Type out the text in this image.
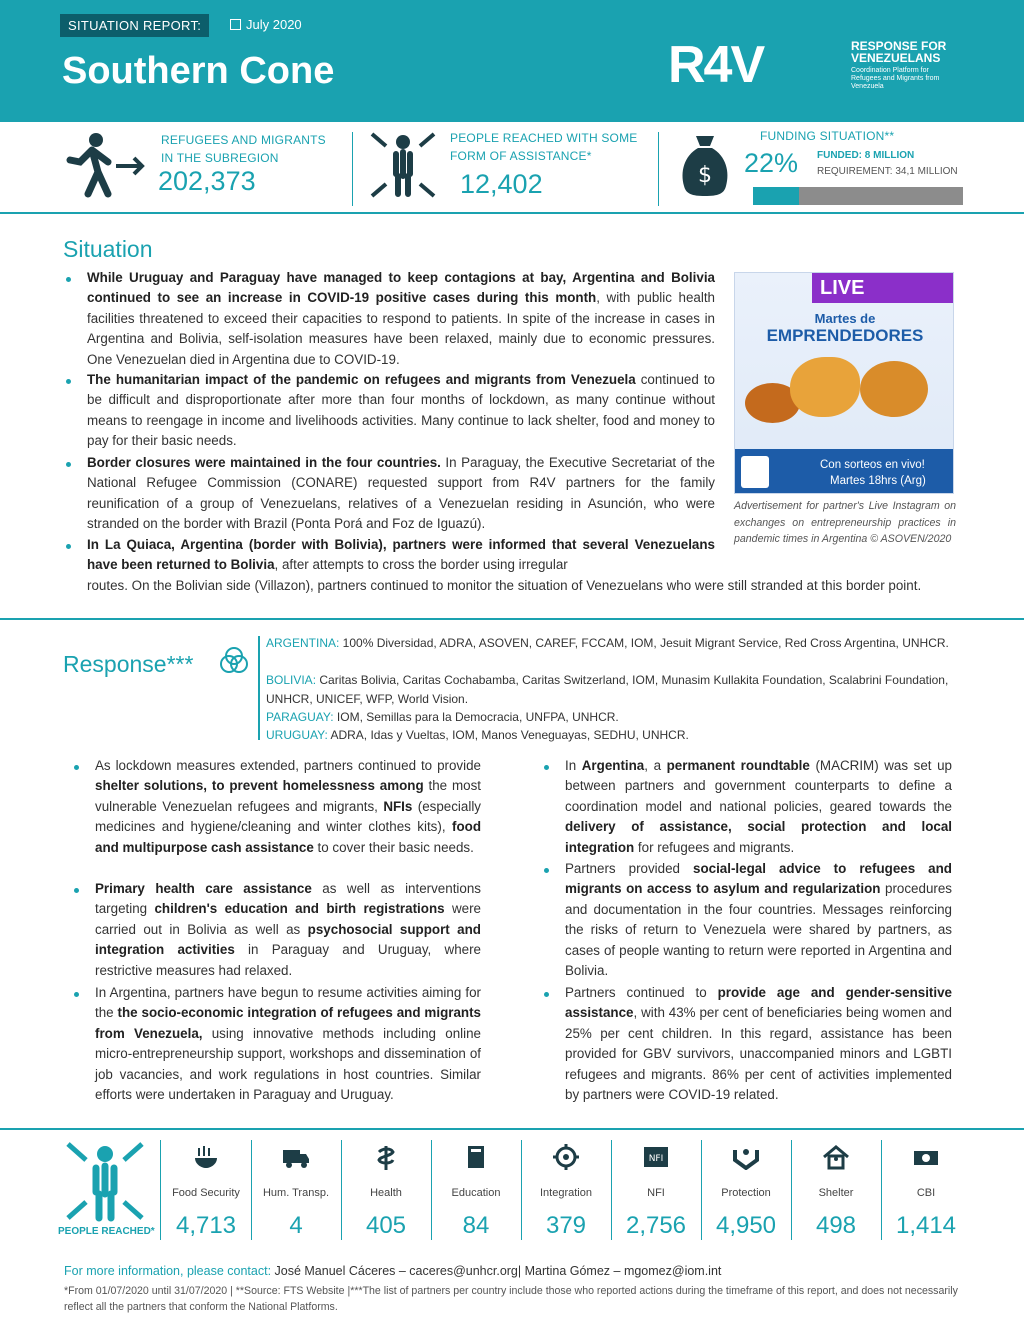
SITUATION REPORT:	July 2020
Southern Cone	R4V	RESPONSE FOR
VENEZUELANS
Coordination Platform for Refugees and Migrants from Venezuela
REFUGEES AND MIGRANTS
IN THE SUBREGION
202,373
PEOPLE REACHED WITH SOME
FORM OF ASSISTANCE*
12,402	$
FUNDING SITUATION**
22% FUNDED: 8 MILLION
REQUIREMENT: 34,1 MILLION
Situation
While Uruguay and Paraguay have managed to keep contagions at bay, Argentina and Bolivia continued to see an increase in COVID-19 positive cases during this month, with public health facilities threatened to exceed their capacities to respond to patients. In spite of the increase in cases in Argentina and Bolivia, self-isolation measures have been relaxed, mainly due to economic pressures. One Venezuelan died in Argentina due to COVID-19.
The humanitarian impact of the pandemic on refugees and migrants from Venezuela continued to be difficult and disproportionate after more than four months of lockdown, as many continue without means to reengage in income and livelihoods activities. Many continue to lack shelter, food and money to pay for their basic needs.
Border closures were maintained in the four countries. In Paraguay, the Executive Secretariat of the National Refugee Commission (CONARE) requested support from R4V partners for the family reunification of a group of Venezuelans, relatives of a Venezuelan residing in Asunción, who were stranded on the border with Brazil (Ponta Porá and Foz de Iguazú).
In La Quiaca, Argentina (border with Bolivia), partners were informed that several Venezuelans have been returned to Bolivia, after attempts to cross the border using irregular
routes. On the Bolivian side (Villazon), partners continued to monitor the situation of Venezuelans who were still stranded at this border point.
LIVE
Martes de
EMPRENDEDORES
Con sorteos en vivo!
Martes 18hrs (Arg)
Advertisement for partner's Live Instagram on exchanges on entrepreneurship practices in pandemic times in Argentina © ASOVEN/2020
Response***
ARGENTINA: 100% Diversidad, ADRA, ASOVEN, CAREF, FCCAM, IOM, Jesuit Migrant Service, Red Cross Argentina, UNHCR.
BOLIVIA: Caritas Bolivia, Caritas Cochabamba, Caritas Switzerland, IOM, Munasim Kullakita Foundation, Scalabrini Foundation, UNHCR, UNICEF, WFP, World Vision.
PARAGUAY: IOM, Semillas para la Democracia, UNFPA, UNHCR.
URUGUAY: ADRA, Idas y Vueltas, IOM, Manos Veneguayas, SEDHU, UNHCR.
As lockdown measures extended, partners continued to provide shelter solutions, to prevent homelessness among the most vulnerable Venezuelan refugees and migrants, NFIs (especially medicines and hygiene/cleaning and winter clothes kits), food and multipurpose cash assistance to cover their basic needs.
Primary health care assistance as well as interventions targeting children's education and birth registrations were carried out in Bolivia as well as psychosocial support and integration activities in Paraguay and Uruguay, where restrictive measures had relaxed.
In Argentina, partners have begun to resume activities aiming for the the socio-economic integration of refugees and migrants from Venezuela, using innovative methods including online micro-entrepreneurship support, workshops and dissemination of job vacancies, and work regulations in host countries. Similar efforts were undertaken in Paraguay and Uruguay.
In Argentina, a permanent roundtable (MACRIM) was set up between partners and government counterparts to define a coordination model and national policies, geared towards the delivery of assistance, social protection and local integration for refugees and migrants.
Partners provided social-legal advice to refugees and migrants on access to asylum and regularization procedures and documentation in the four countries. Messages reinforcing the risks of return to Venezuela were shared by partners, as cases of people wanting to return were reported in Argentina and Bolivia.
Partners continued to provide age and gender-sensitive assistance, with 43% per cent of beneficiaries being women and 25% per cent children. In this regard, assistance has been provided for GBV survivors, unaccompanied minors and LGBTI refugees and migrants. 86% per cent of activities implemented by partners were COVID-19 related.
PEOPLE REACHED*
Food Security
4,713
Hum. Transp.
4
Health
405
Education
84
Integration
379
NFI
NFI
2,756
Protection
4,950
Shelter
498
CBI
1,414
For more information, please contact: José Manuel Cáceres – caceres@unhcr.org| Martina Gómez – mgomez@iom.int
*From 01/07/2020 until 31/07/2020 | **Source: FTS Website |***The list of partners per country include those who reported actions during the timeframe of this report, and does not necessarily reflect all the partners that conform the National Platforms.
